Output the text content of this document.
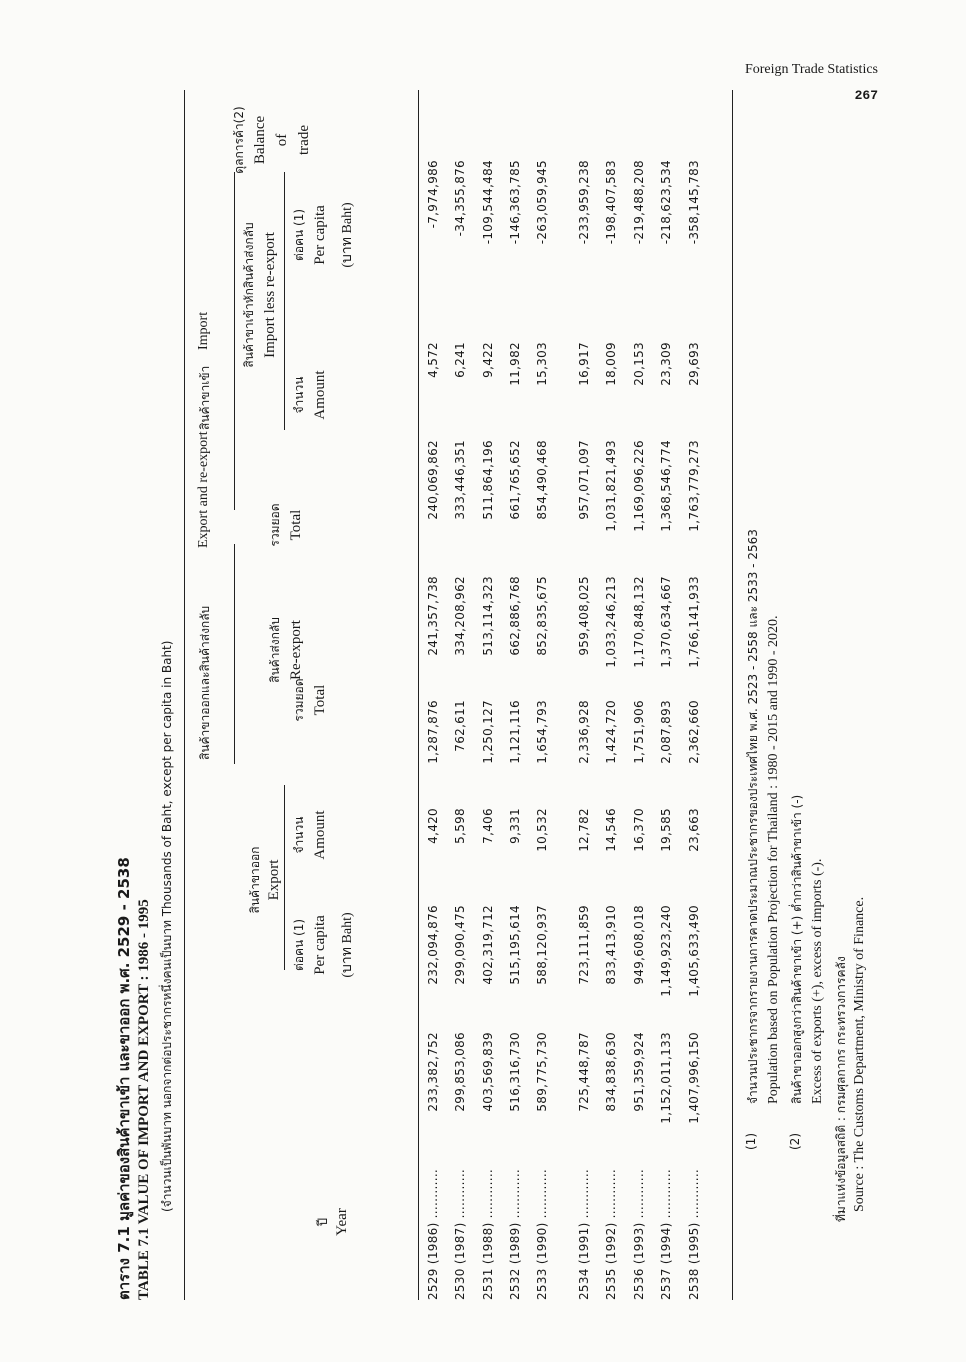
Foreign Trade Statistics
267
ตาราง 7.1 มูลค่าของสินค้าขาเข้า และขาออก พ.ศ. 2529 - 2538 TABLE 7.1 VALUE OF IMPORT AND EXPORT : 1986 - 1995 (จำนวนเป็นพันบาท นอกจากต่อประชากรหนึ่งคนเป็นบาท Thousands of Baht, except per capita in Baht)
ปี Year
สินค้าขาออกและสินค้าส่งกลับ
Export and re-export
รวมยอด Total
สินค้าขาออก Export
จำนวน Amount
ต่อคน (1) Per capita (บาท Baht)
สินค้าส่งกลับ Re-export
สินค้าขาเข้า
Import
รวมยอด Total
สินค้าขาเข้าหักสินค้าส่งกลับ Import less re-export
จำนวน Amount
ต่อคน (1) Per capita (บาท Baht)
ดุลการค้า(2) Balance of trade
2529 (1986) ............
233,382,752
232,094,876
4,420
1,287,876
241,357,738
240,069,862
4,572
-7,974,986
2530 (1987) ............
299,853,086
299,090,475
5,598
762,611
334,208,962
333,446,351
6,241
-34,355,876
2531 (1988) ............
403,569,839
402,319,712
7,406
1,250,127
513,114,323
511,864,196
9,422
-109,544,484
2532 (1989) ............
516,316,730
515,195,614
9,331
1,121,116
662,886,768
661,765,652
11,982
-146,363,785
2533 (1990) ............
589,775,730
588,120,937
10,532
1,654,793
852,835,675
854,490,468
15,303
-263,059,945
2534 (1991) ............
725,448,787
723,111,859
12,782
2,336,928
959,408,025
957,071,097
16,917
-233,959,238
2535 (1992) ............
834,838,630
833,413,910
14,546
1,424,720
1,033,246,213
1,031,821,493
18,009
-198,407,583
2536 (1993) ............
951,359,924
949,608,018
16,370
1,751,906
1,170,848,132
1,169,096,226
20,153
-219,488,208
2537 (1994) ............
1,152,011,133
1,149,923,240
19,585
2,087,893
1,370,634,667
1,368,546,774
23,309
-218,623,534
2538 (1995) ............
1,407,996,150
1,405,633,490
23,663
2,362,660
1,766,141,933
1,763,779,273
29,693
-358,145,783
(1)
จำนวนประชากรจากรายงานการคาดประมาณประชากรของประเทศไทย พ.ศ. 2523 - 2558 และ 2533 - 2563 Population based on Population Projection for Thailand : 1980 - 2015 and 1990 - 2020.
(2)
สินค้าขาออกสูงกว่าสินค้าขาเข้า (+) ต่ำกว่าสินค้าขาเข้า (-) Excess of exports (+), excess of imports (-). ที่มาแห่งข้อมูลสถิติ : กรมศุลกากร กระทรวงการคลัง Source : The Customs Department, Ministry of Finance.
